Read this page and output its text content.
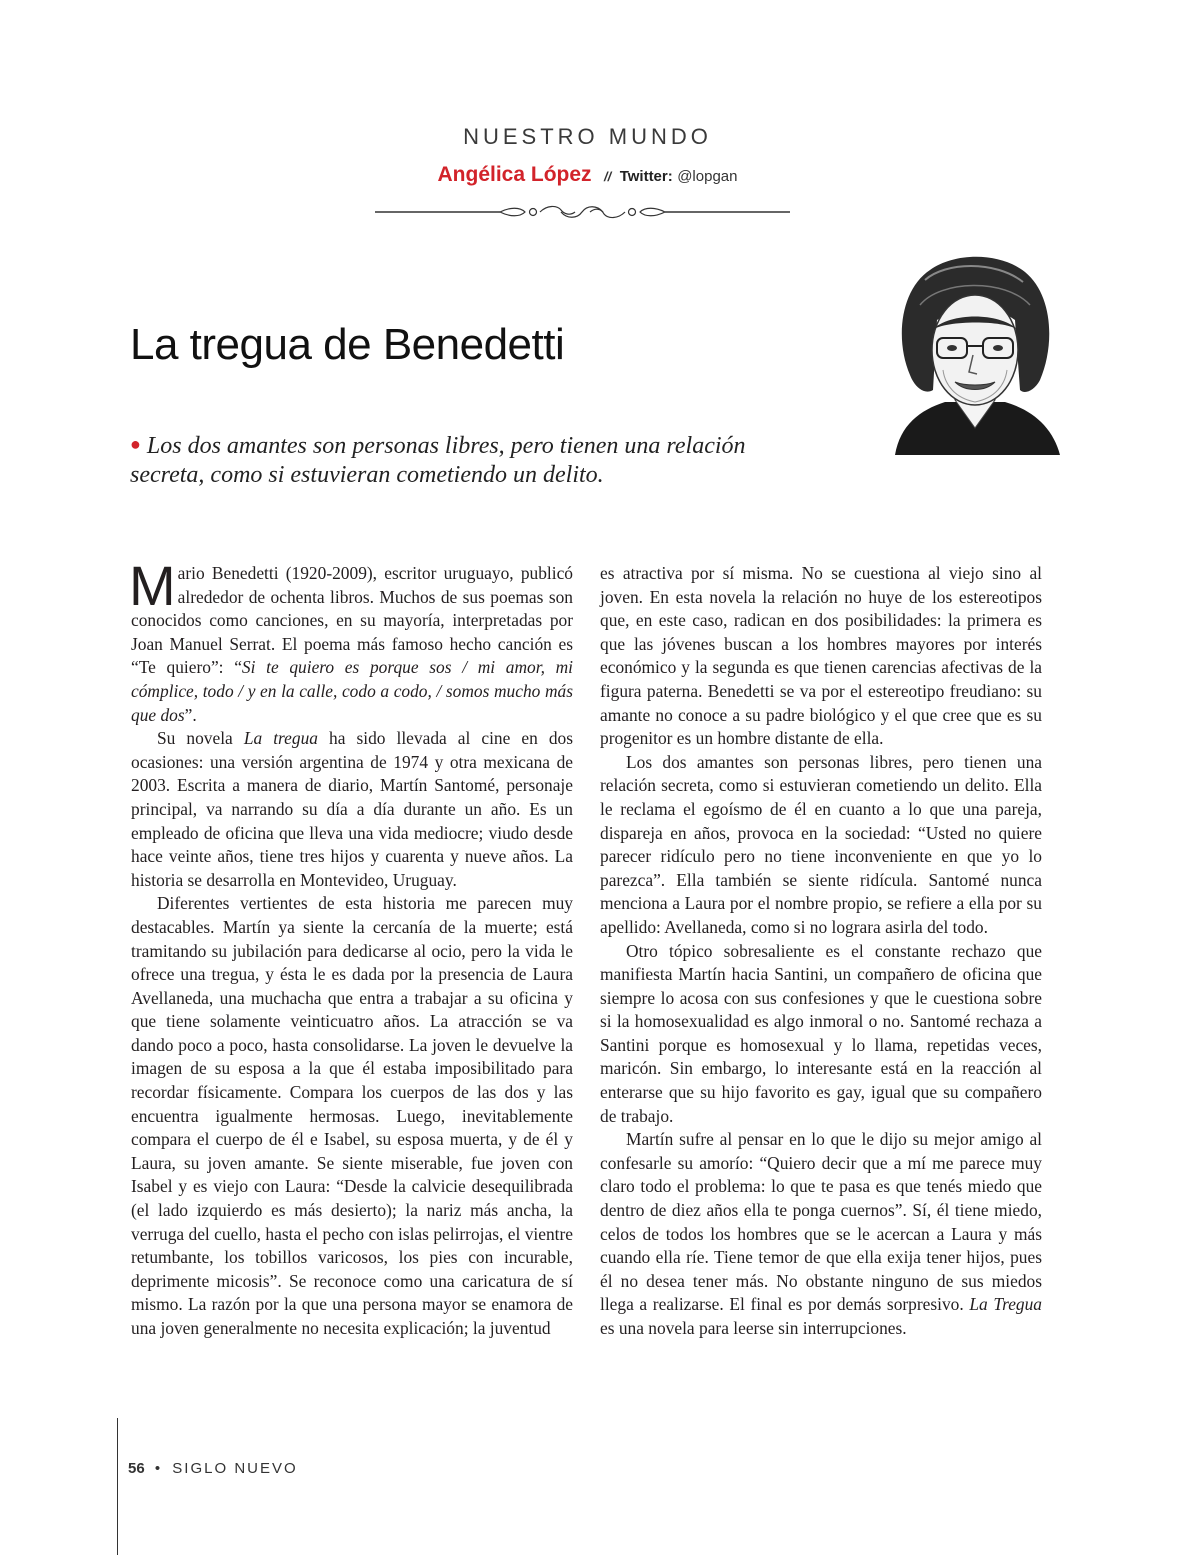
NUESTRO MUNDO
Angélica López // Twitter: @lopgan
La tregua de Benedetti
● Los dos amantes son personas libres, pero tienen una relación secreta, como si estuvieran cometiendo un delito.

Mario Benedetti (1920-2009), escritor uruguayo, publicó alrededor de ochenta libros. Muchos de sus poemas son conocidos como canciones, en su mayoría, interpretadas por Joan Manuel Serrat. El poema más famoso hecho canción es “Te quiero”: “Si te quiero es porque sos / mi amor, mi cómplice, todo / y en la calle, codo a codo, / somos mucho más que dos”.

Su novela La tregua ha sido llevada al cine en dos ocasiones: una versión argentina de 1974 y otra mexicana de 2003. Escrita a manera de diario, Martín Santomé, personaje principal, va narrando su día a día durante un año. Es un empleado de oficina que lleva una vida mediocre; viudo desde hace veinte años, tiene tres hijos y cuarenta y nueve años. La historia se desarrolla en Montevideo, Uruguay.

Diferentes vertientes de esta historia me parecen muy destacables. Martín ya siente la cercanía de la muerte; está tramitando su jubilación para dedicarse al ocio, pero la vida le ofrece una tregua, y ésta le es dada por la presencia de Laura Avellaneda, una muchacha que entra a trabajar a su oficina y que tiene solamente veinticuatro años. La atracción se va dando poco a poco, hasta consolidarse. La joven le devuelve la imagen de su esposa a la que él estaba imposibilitado para recordar físicamente. Compara los cuerpos de las dos y las encuentra igualmente hermosas. Luego, inevitablemente compara el cuerpo de él e Isabel, su esposa muerta, y de él y Laura, su joven amante. Se siente miserable, fue joven con Isabel y es viejo con Laura: “Desde la calvicie desequilibrada (el lado izquierdo es más desierto); la nariz más ancha, la verruga del cuello, hasta el pecho con islas pelirrojas, el vientre retumbante, los tobillos varicosos, los pies con incurable, deprimente micosis”. Se reconoce como una caricatura de sí mismo. La razón por la que una persona mayor se enamora de una joven generalmente no necesita explicación; la juventud

es atractiva por sí misma. No se cuestiona al viejo sino al joven. En esta novela la relación no huye de los estereotipos que, en este caso, radican en dos posibilidades: la primera es que las jóvenes buscan a los hombres mayores por interés económico y la segunda es que tienen carencias afectivas de la figura paterna. Benedetti se va por el estereotipo freudiano: su amante no conoce a su padre biológico y el que cree que es su progenitor es un hombre distante de ella.

Los dos amantes son personas libres, pero tienen una relación secreta, como si estuvieran cometiendo un delito. Ella le reclama el egoísmo de él en cuanto a lo que una pareja, dispareja en años, provoca en la sociedad: “Usted no quiere parecer ridículo pero no tiene inconveniente en que yo lo parezca”. Ella también se siente ridícula. Santomé nunca menciona a Laura por el nombre propio, se refiere a ella por su apellido: Avellaneda, como si no lograra asirla del todo.

Otro tópico sobresaliente es el constante rechazo que manifiesta Martín hacia Santini, un compañero de oficina que siempre lo acosa con sus confesiones y que le cuestiona sobre si la homosexualidad es algo inmoral o no. Santomé rechaza a Santini porque es homosexual y lo llama, repetidas veces, maricón. Sin embargo, lo interesante está en la reacción al enterarse que su hijo favorito es gay, igual que su compañero de trabajo.

Martín sufre al pensar en lo que le dijo su mejor amigo al confesarle su amorío: “Quiero decir que a mí me parece muy claro todo el problema: lo que te pasa es que tenés miedo que dentro de diez años ella te ponga cuernos”. Sí, él tiene miedo, celos de todos los hombres que se le acercan a Laura y más cuando ella ríe. Tiene temor de que ella exija tener hijos, pues él no desea tener más. No obstante ninguno de sus miedos llega a realizarse. El final es por demás sorpresivo. La Tregua es una novela para leerse sin interrupciones.

56 • SIGLO NUEVO
